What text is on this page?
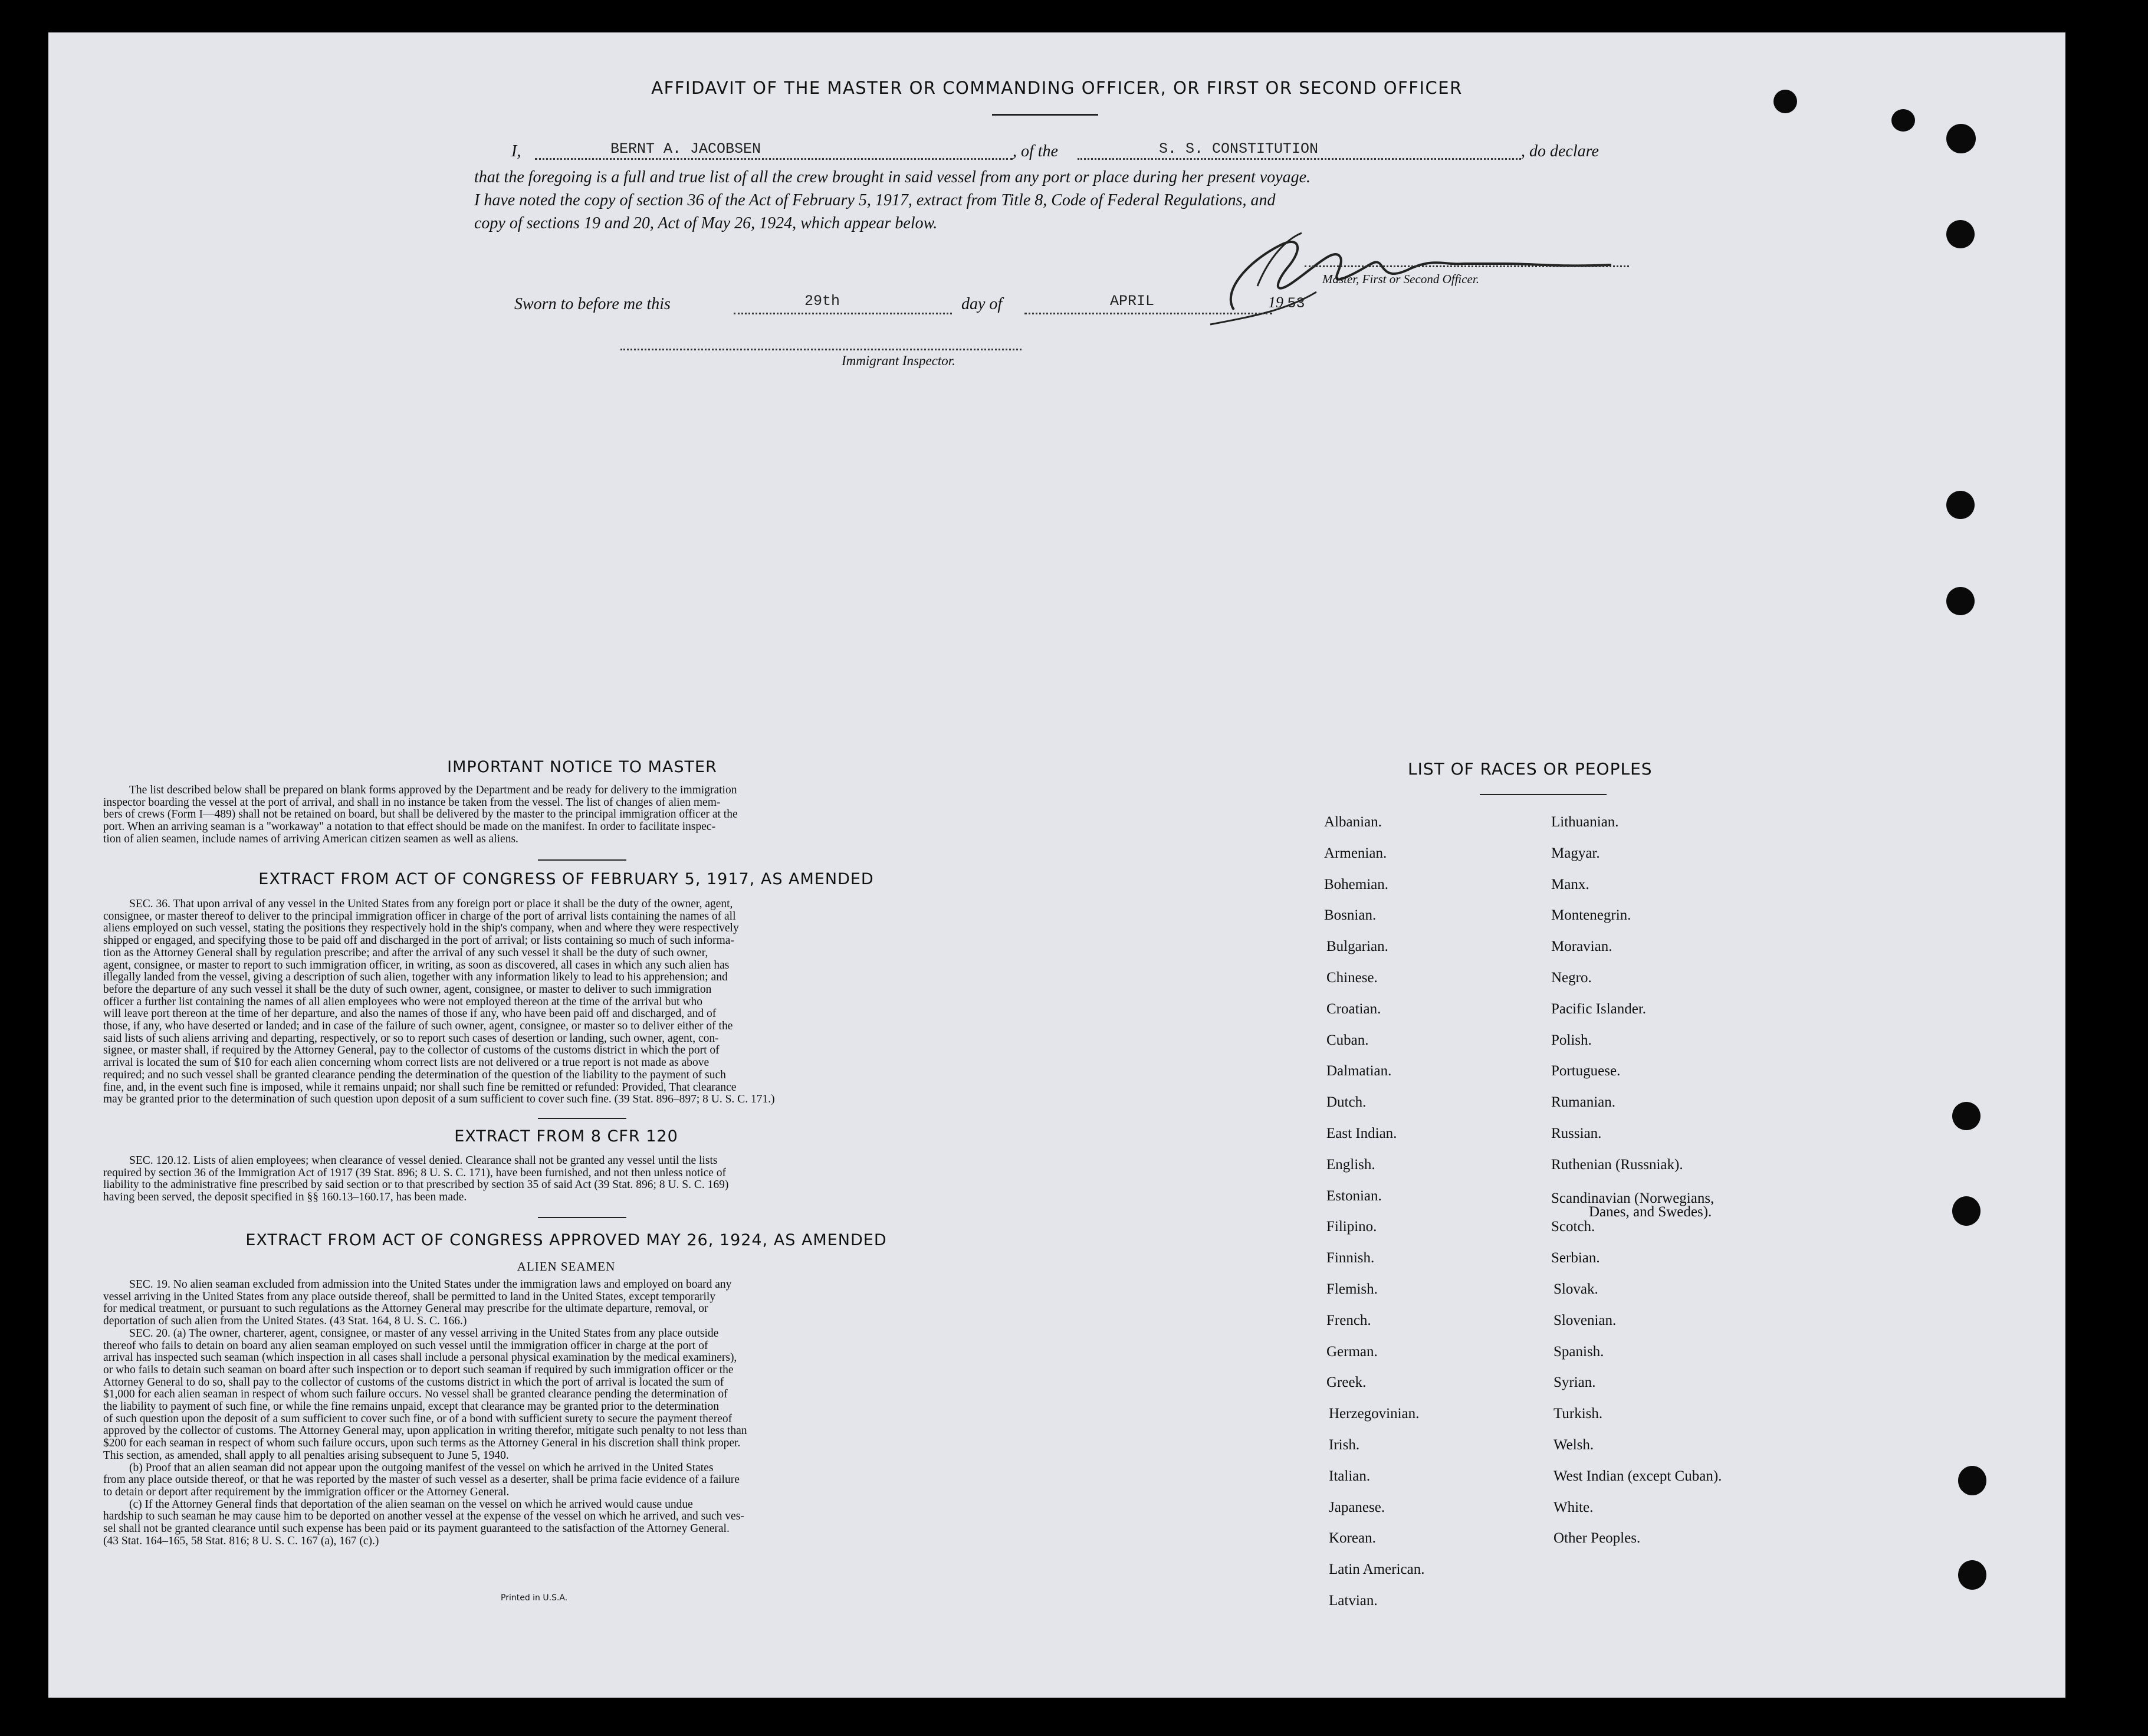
AFFIDAVIT OF THE MASTER OR COMMANDING OFFICER, OR FIRST OR SECOND OFFICER
I,	BERNT A. JACOBSEN	, of the	S. S. CONSTITUTION	, do declare
that the foregoing is a full and true list of all the crew brought in said vessel from any port or place during her present voyage.
I have noted the copy of section 36 of the Act of February 5, 1917, extract from Title 8, Code of Federal Regulations, and
copy of sections 19 and 20, Act of May 26, 1924, which appear below.
Master, First or Second Officer.
Sworn to before me this	29th	day of	APRIL	19 53
Immigrant Inspector.
IMPORTANT NOTICE TO MASTER

The list described below shall be prepared on blank forms approved by the Department and be ready for delivery to the immigration

inspector boarding the vessel at the port of arrival, and shall in no instance be taken from the vessel. The list of changes of alien mem-

bers of crews (Form I—489) shall not be retained on board, but shall be delivered by the master to the principal immigration officer at the

port. When an arriving seaman is a "workaway" a notation to that effect should be made on the manifest. In order to facilitate inspec-

tion of alien seamen, include names of arriving American citizen seamen as well as aliens.

EXTRACT FROM ACT OF CONGRESS OF FEBRUARY 5, 1917, AS AMENDED

SEC. 36. That upon arrival of any vessel in the United States from any foreign port or place it shall be the duty of the owner, agent,

consignee, or master thereof to deliver to the principal immigration officer in charge of the port of arrival lists containing the names of all

aliens employed on such vessel, stating the positions they respectively hold in the ship's company, when and where they were respectively

shipped or engaged, and specifying those to be paid off and discharged in the port of arrival; or lists containing so much of such informa-

tion as the Attorney General shall by regulation prescribe; and after the arrival of any such vessel it shall be the duty of such owner,

agent, consignee, or master to report to such immigration officer, in writing, as soon as discovered, all cases in which any such alien has

illegally landed from the vessel, giving a description of such alien, together with any information likely to lead to his apprehension; and

before the departure of any such vessel it shall be the duty of such owner, agent, consignee, or master to deliver to such immigration

officer a further list containing the names of all alien employees who were not employed thereon at the time of the arrival but who

will leave port thereon at the time of her departure, and also the names of those if any, who have been paid off and discharged, and of

those, if any, who have deserted or landed; and in case of the failure of such owner, agent, consignee, or master so to deliver either of the

said lists of such aliens arriving and departing, respectively, or so to report such cases of desertion or landing, such owner, agent, con-

signee, or master shall, if required by the Attorney General, pay to the collector of customs of the customs district in which the port of

arrival is located the sum of $10 for each alien concerning whom correct lists are not delivered or a true report is not made as above

required; and no such vessel shall be granted clearance pending the determination of the question of the liability to the payment of such

fine, and, in the event such fine is imposed, while it remains unpaid; nor shall such fine be remitted or refunded: Provided, That clearance

may be granted prior to the determination of such question upon deposit of a sum sufficient to cover such fine. (39 Stat. 896–897; 8 U. S. C. 171.)

EXTRACT FROM 8 CFR 120

SEC. 120.12. Lists of alien employees; when clearance of vessel denied. Clearance shall not be granted any vessel until the lists

required by section 36 of the Immigration Act of 1917 (39 Stat. 896; 8 U. S. C. 171), have been furnished, and not then unless notice of

liability to the administrative fine prescribed by said section or to that prescribed by section 35 of said Act (39 Stat. 896; 8 U. S. C. 169)

having been served, the deposit specified in §§ 160.13–160.17, has been made.

EXTRACT FROM ACT OF CONGRESS APPROVED MAY 26, 1924, AS AMENDED
ALIEN SEAMEN

SEC. 19. No alien seaman excluded from admission into the United States under the immigration laws and employed on board any

vessel arriving in the United States from any place outside thereof, shall be permitted to land in the United States, except temporarily

for medical treatment, or pursuant to such regulations as the Attorney General may prescribe for the ultimate departure, removal, or

deportation of such alien from the United States. (43 Stat. 164, 8 U. S. C. 166.)

SEC. 20. (a) The owner, charterer, agent, consignee, or master of any vessel arriving in the United States from any place outside

thereof who fails to detain on board any alien seaman employed on such vessel until the immigration officer in charge at the port of

arrival has inspected such seaman (which inspection in all cases shall include a personal physical examination by the medical examiners),

or who fails to detain such seaman on board after such inspection or to deport such seaman if required by such immigration officer or the

Attorney General to do so, shall pay to the collector of customs of the customs district in which the port of arrival is located the sum of

$1,000 for each alien seaman in respect of whom such failure occurs. No vessel shall be granted clearance pending the determination of

the liability to payment of such fine, or while the fine remains unpaid, except that clearance may be granted prior to the determination

of such question upon the deposit of a sum sufficient to cover such fine, or of a bond with sufficient surety to secure the payment thereof

approved by the collector of customs. The Attorney General may, upon application in writing therefor, mitigate such penalty to not less than

$200 for each seaman in respect of whom such failure occurs, upon such terms as the Attorney General in his discretion shall think proper.

This section, as amended, shall apply to all penalties arising subsequent to June 5, 1940.

(b) Proof that an alien seaman did not appear upon the outgoing manifest of the vessel on which he arrived in the United States

from any place outside thereof, or that he was reported by the master of such vessel as a deserter, shall be prima facie evidence of a failure

to detain or deport after requirement by the immigration officer or the Attorney General.

(c) If the Attorney General finds that deportation of the alien seaman on the vessel on which he arrived would cause undue

hardship to such seaman he may cause him to be deported on another vessel at the expense of the vessel on which he arrived, and such ves-

sel shall not be granted clearance until such expense has been paid or its payment guaranteed to the satisfaction of the Attorney General.

(43 Stat. 164–165, 58 Stat. 816; 8 U. S. C. 167 (a), 167 (c).)

Printed in U.S.A.
LIST OF RACES OR PEOPLES
Albanian.
Armenian.
Bohemian.
Bosnian.
Bulgarian.
Chinese.
Croatian.
Cuban.
Dalmatian.
Dutch.
East Indian.
English.
Estonian.
Filipino.
Finnish.
Flemish.
French.
German.
Greek.
Herzegovinian.
Irish.
Italian.
Japanese.
Korean.
Latin American.
Latvian.
Lithuanian.
Magyar.
Manx.
Montenegrin.
Moravian.
Negro.
Pacific Islander.
Polish.
Portuguese.
Rumanian.
Russian.
Ruthenian (Russniak).
Scandinavian (Norwegians,
Danes, and Swedes).
Scotch.
Serbian.
Slovak.
Slovenian.
Spanish.
Syrian.
Turkish.
Welsh.
West Indian (except Cuban).
White.
Other Peoples.
